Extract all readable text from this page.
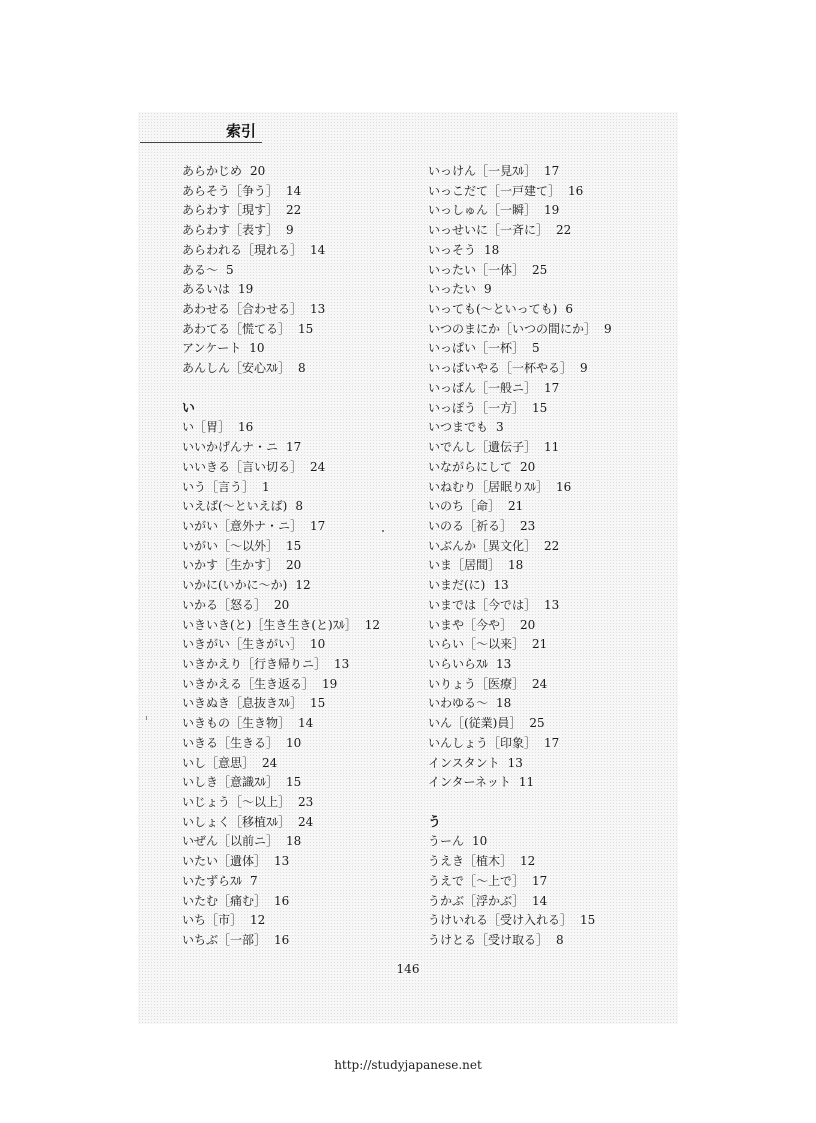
索引
あらかじめ 20
あらそう［争う］ 14
あらわす［現す］ 22
あらわす［表す］ 9
あらわれる［現れる］ 14
ある～ 5
あるいは 19
あわせる［合わせる］ 13
あわてる［慌てる］ 15
アンケート 10
あんしん［安心ｽﾙ］ 8
い
い［胃］ 16
いいかげんナ・ニ 17
いいきる［言い切る］ 24
いう［言う］ 1
いえば(～といえば) 8
いがい［意外ナ・ニ］ 17
いがい［～以外］ 15
いかす［生かす］ 20
いかに(いかに～か) 12
いかる［怒る］ 20
いきいき(と)［生き生き(と)ｽﾙ］ 12
いきがい［生きがい］ 10
いきかえり［行き帰りニ］ 13
いきかえる［生き返る］ 19
いきぬき［息抜きｽﾙ］ 15
いきもの［生き物］ 14
いきる［生きる］ 10
いし［意思］ 24
いしき［意識ｽﾙ］ 15
いじょう［～以上］ 23
いしょく［移植ｽﾙ］ 24
いぜん［以前ニ］ 18
いたい［遺体］ 13
いたずらｽﾙ 7
いたむ［痛む］ 16
いち［市］ 12
いちぶ［一部］ 16
いっけん［一見ｽﾙ］ 17
いっこだて［一戸建て］ 16
いっしゅん［一瞬］ 19
いっせいに［一斉に］ 22
いっそう 18
いったい［一体］ 25
いったい 9
いっても(～といっても) 6
いつのまにか［いつの間にか］ 9
いっぱい［一杯］ 5
いっぱいやる［一杯やる］ 9
いっぱん［一般ニ］ 17
いっぽう［一方］ 15
いつまでも 3
いでんし［遺伝子］ 11
いながらにして 20
いねむり［居眠りｽﾙ］ 16
いのち［命］ 21
いのる［祈る］ 23
いぶんか［異文化］ 22
いま［居間］ 18
いまだ(に) 13
いまでは［今では］ 13
いまや［今や］ 20
いらい［～以来］ 21
いらいらｽﾙ 13
いりょう［医療］ 24
いわゆる～ 18
いん［(従業)員］ 25
いんしょう［印象］ 17
インスタント 13
インターネット 11
う
うーん 10
うえき［植木］ 12
うえで［～上で］ 17
うかぶ［浮かぶ］ 14
うけいれる［受け入れる］ 15
うけとる［受け取る］ 8
146
http://studyjapanese.net
